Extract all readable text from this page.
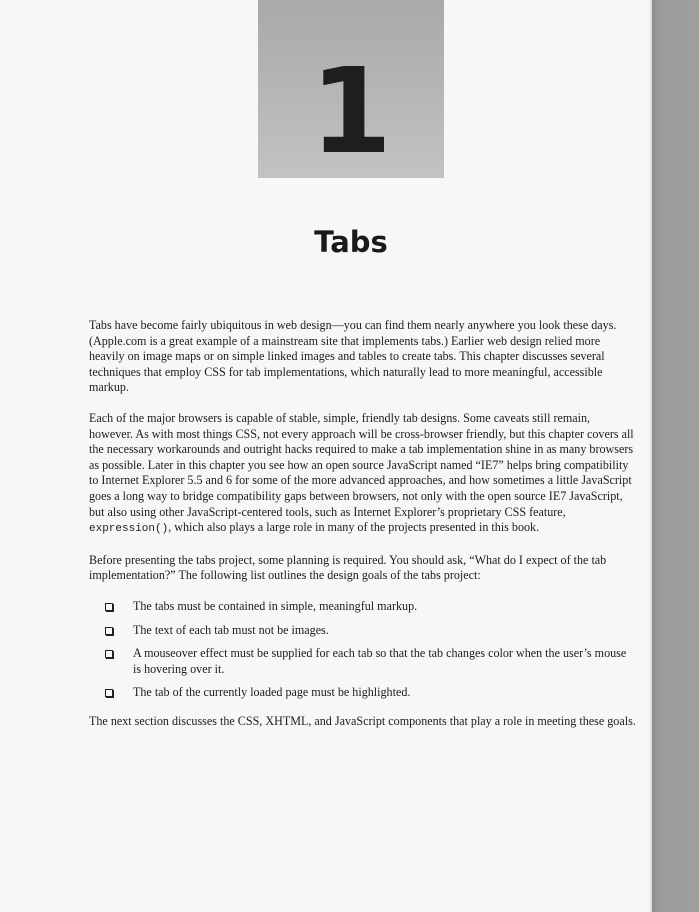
1
Tabs

Tabs have become fairly ubiquitous in web design—you can find them nearly anywhere you look these days. (Apple.com is a great example of a mainstream site that implements tabs.) Earlier web design relied more heavily on image maps or on simple linked images and tables to create tabs. This chapter discusses several techniques that employ CSS for tab implementations, which naturally lead to more meaningful, accessible markup.

Each of the major browsers is capable of stable, simple, friendly tab designs. Some caveats still remain, however. As with most things CSS, not every approach will be cross-browser friendly, but this chapter covers all the necessary workarounds and outright hacks required to make a tab implementation shine in as many browsers as possible. Later in this chapter you see how an open source JavaScript named “IE7” helps bring compatibility to Internet Explorer 5.5 and 6 for some of the more advanced approaches, and how sometimes a little JavaScript goes a long way to bridge compatibility gaps between browsers, not only with the open source IE7 JavaScript, but also using other JavaScript-centered tools, such as Internet Explorer’s proprietary CSS feature, expression(), which also plays a large role in many of the projects presented in this book.

Before presenting the tabs project, some planning is required. You should ask, “What do I expect of the tab implementation?” The following list outlines the design goals of the tabs project:

The tabs must be contained in simple, meaningful markup.
The text of each tab must not be images.
A mouseover effect must be supplied for each tab so that the tab changes color when the user’s mouse is hovering over it.
The tab of the currently loaded page must be highlighted.

The next section discusses the CSS, XHTML, and JavaScript components that play a role in meeting these goals.
